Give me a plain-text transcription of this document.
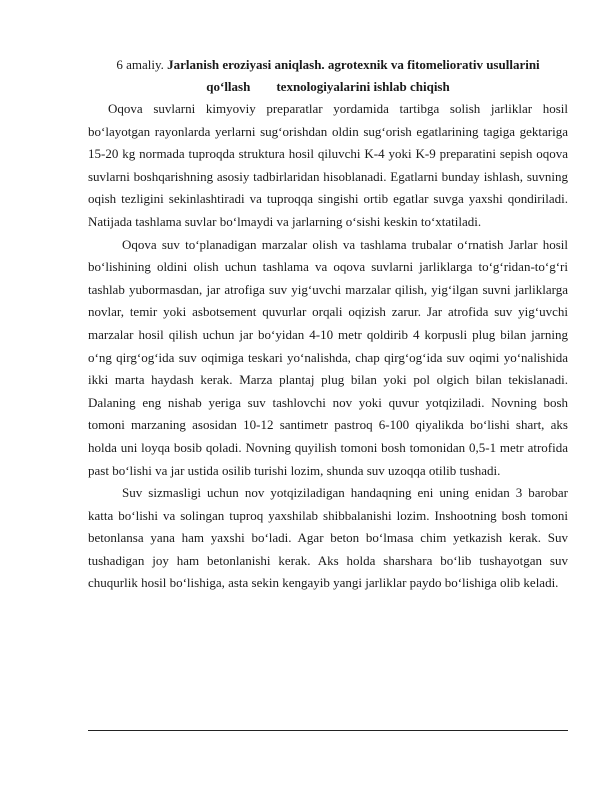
6 amaliy. Jarlanish eroziyasi aniqlash. agrotexnik va fitomeliorativ usullarini

qo‘llash texnologiyalarini ishlab chiqish

Oqova suvlarni kimyoviy preparatlar yordamida tartibga solish jarliklar hosil bo‘layotgan rayonlarda yerlarni sug‘orishdan oldin sug‘orish egatlarining tagiga gektariga 15-20 kg normada tuproqda struktura hosil qiluvchi K-4 yoki K-9 preparatini sepish oqova suvlarni boshqarishning asosiy tadbirlaridan hisoblanadi. Egatlarni bunday ishlash, suvning oqish tezligini sekinlashtiradi va tuproqqa singishi ortib egatlar suvga yaxshi qondiriladi. Natijada tashlama suvlar bo‘lmaydi va jarlarning o‘sishi keskin to‘xtatiladi.

Oqova suv to‘planadigan marzalar olish va tashlama trubalar o‘rnatish Jarlar hosil bo‘lishining oldini olish uchun tashlama va oqova suvlarni jarliklarga to‘g‘ridan-to‘g‘ri tashlab yubormasdan, jar atrofiga suv yig‘uvchi marzalar qilish, yig‘ilgan suvni jarliklarga novlar, temir yoki asbotsement quvurlar orqali oqizish zarur. Jar atrofida suv yig‘uvchi marzalar hosil qilish uchun jar bo‘yidan 4-10 metr qoldirib 4 korpusli plug bilan jarning o‘ng qirg‘og‘ida suv oqimiga teskari yo‘nalishda, chap qirg‘og‘ida suv oqimi yo‘nalishida ikki marta haydash kerak. Marza plantaj plug bilan yoki pol olgich bilan tekislanadi. Dalaning eng nishab yeriga suv tashlovchi nov yoki quvur yotqiziladi. Novning bosh tomoni marzaning asosidan 10-12 santimetr pastroq 6-100 qiyalikda bo‘lishi shart, aks holda uni loyqa bosib qoladi. Novning quyilish tomoni bosh tomonidan 0,5-1 metr atrofida past bo‘lishi va jar ustida osilib turishi lozim, shunda suv uzoqqa otilib tushadi.

Suv sizmasligi uchun nov yotqiziladigan handaqning eni uning enidan 3 barobar katta bo‘lishi va solingan tuproq yaxshilab shibbalanishi lozim. Inshootning bosh tomoni betonlansa yana ham yaxshi bo‘ladi. Agar beton bo‘lmasa chim yetkazish kerak. Suv tushadigan joy ham betonlanishi kerak. Aks holda sharshara bo‘lib tushayotgan suv chuqurlik hosil bo‘lishiga, asta sekin kengayib yangi jarliklar paydo bo‘lishiga olib keladi.
